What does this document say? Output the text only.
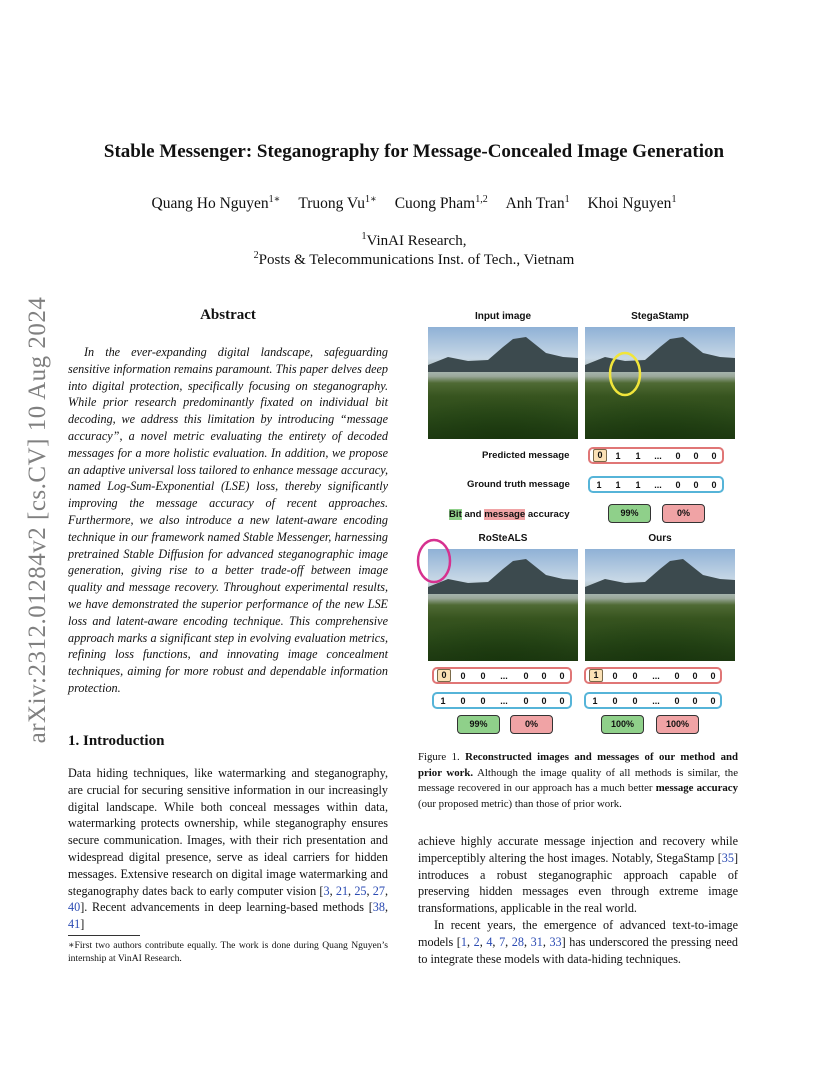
arXiv:2312.01284v2 [cs.CV] 10 Aug 2024
Stable Messenger: Steganography for Message-Concealed Image Generation
Quang Ho Nguyen$^{1∗}$ Truong $Vu^{1∗}$ Cuong Pham$^{1,2}$ Anh Tran$^1$ Khoi Nguyen$^1$
$^1$VinAI Research,
$^2$Posts & Telecommunications Inst. of Tech., Vietnam
Abstract
In the ever-expanding digital landscape, safeguarding sensitive information remains paramount. This paper delves deep into digital protection, specifically focusing on steganography. While prior research predominantly fixated on individual bit decoding, we address this limitation by introducing “message accuracy”, a novel metric evaluating the entirety of decoded messages for a more holistic evaluation. In addition, we propose an adaptive universal loss tailored to enhance message accuracy, named Log-Sum-Exponential (LSE) loss, thereby significantly improving the message accuracy of recent approaches. Furthermore, we also introduce a new latent-aware encoding technique in our framework named Stable Messenger, harnessing pretrained Stable Diffusion for advanced steganographic image generation, giving rise to a better trade-off between image quality and message recovery. Throughout experimental results, we have demonstrated the superior performance of the new LSE loss and latent-aware encoding technique. This comprehensive approach marks a significant step in evolving evaluation metrics, refining loss functions, and innovating image concealment techniques, aiming for more robust and dependable information protection.
1. Introduction
Data hiding techniques, like watermarking and steganography, are crucial for securing sensitive information in our increasingly digital landscape. While both conceal messages within data, watermarking protects ownership, while steganography ensures secure communication. Images, with their rich presentation and widespread digital presence, serve as ideal carriers for hidden messages. Extensive research on digital image watermarking and steganography dates back to early computer vision [3, 21, 25, 27, 40]. Recent advancements in deep learning-based methods [38, 41]
∗First two authors contribute equally. The work is done during Quang Nguyen’s internship at VinAI Research.
Input image	StegaStamp
Predicted message	0	1	1	...	0	0	0
Ground truth message	1	1	1	...	0	0	0
Bit and message accuracy	99%	0%
RoSteALS	Ours
0	0	0	...	0	0	0
1	0	0	...	0	0	0
99%	0%
1	0	0	...	0	0	0
1	0	0	...	0	0	0
100%	100%
Figure 1. Reconstructed images and messages of our method and prior work. Although the image quality of all methods is similar, the message recovered in our approach has a much better message accuracy (our proposed metric) than those of prior work.
achieve highly accurate message injection and recovery while imperceptibly altering the host images. Notably, StegaStamp [35] introduces a robust steganographic approach capable of preserving hidden messages even through extreme image transformations, applicable in the real world.
In recent years, the emergence of advanced text-to-image models [1, 2, 4, 7, 28, 31, 33] has underscored the pressing need to integrate these models with data-hiding techniques.
